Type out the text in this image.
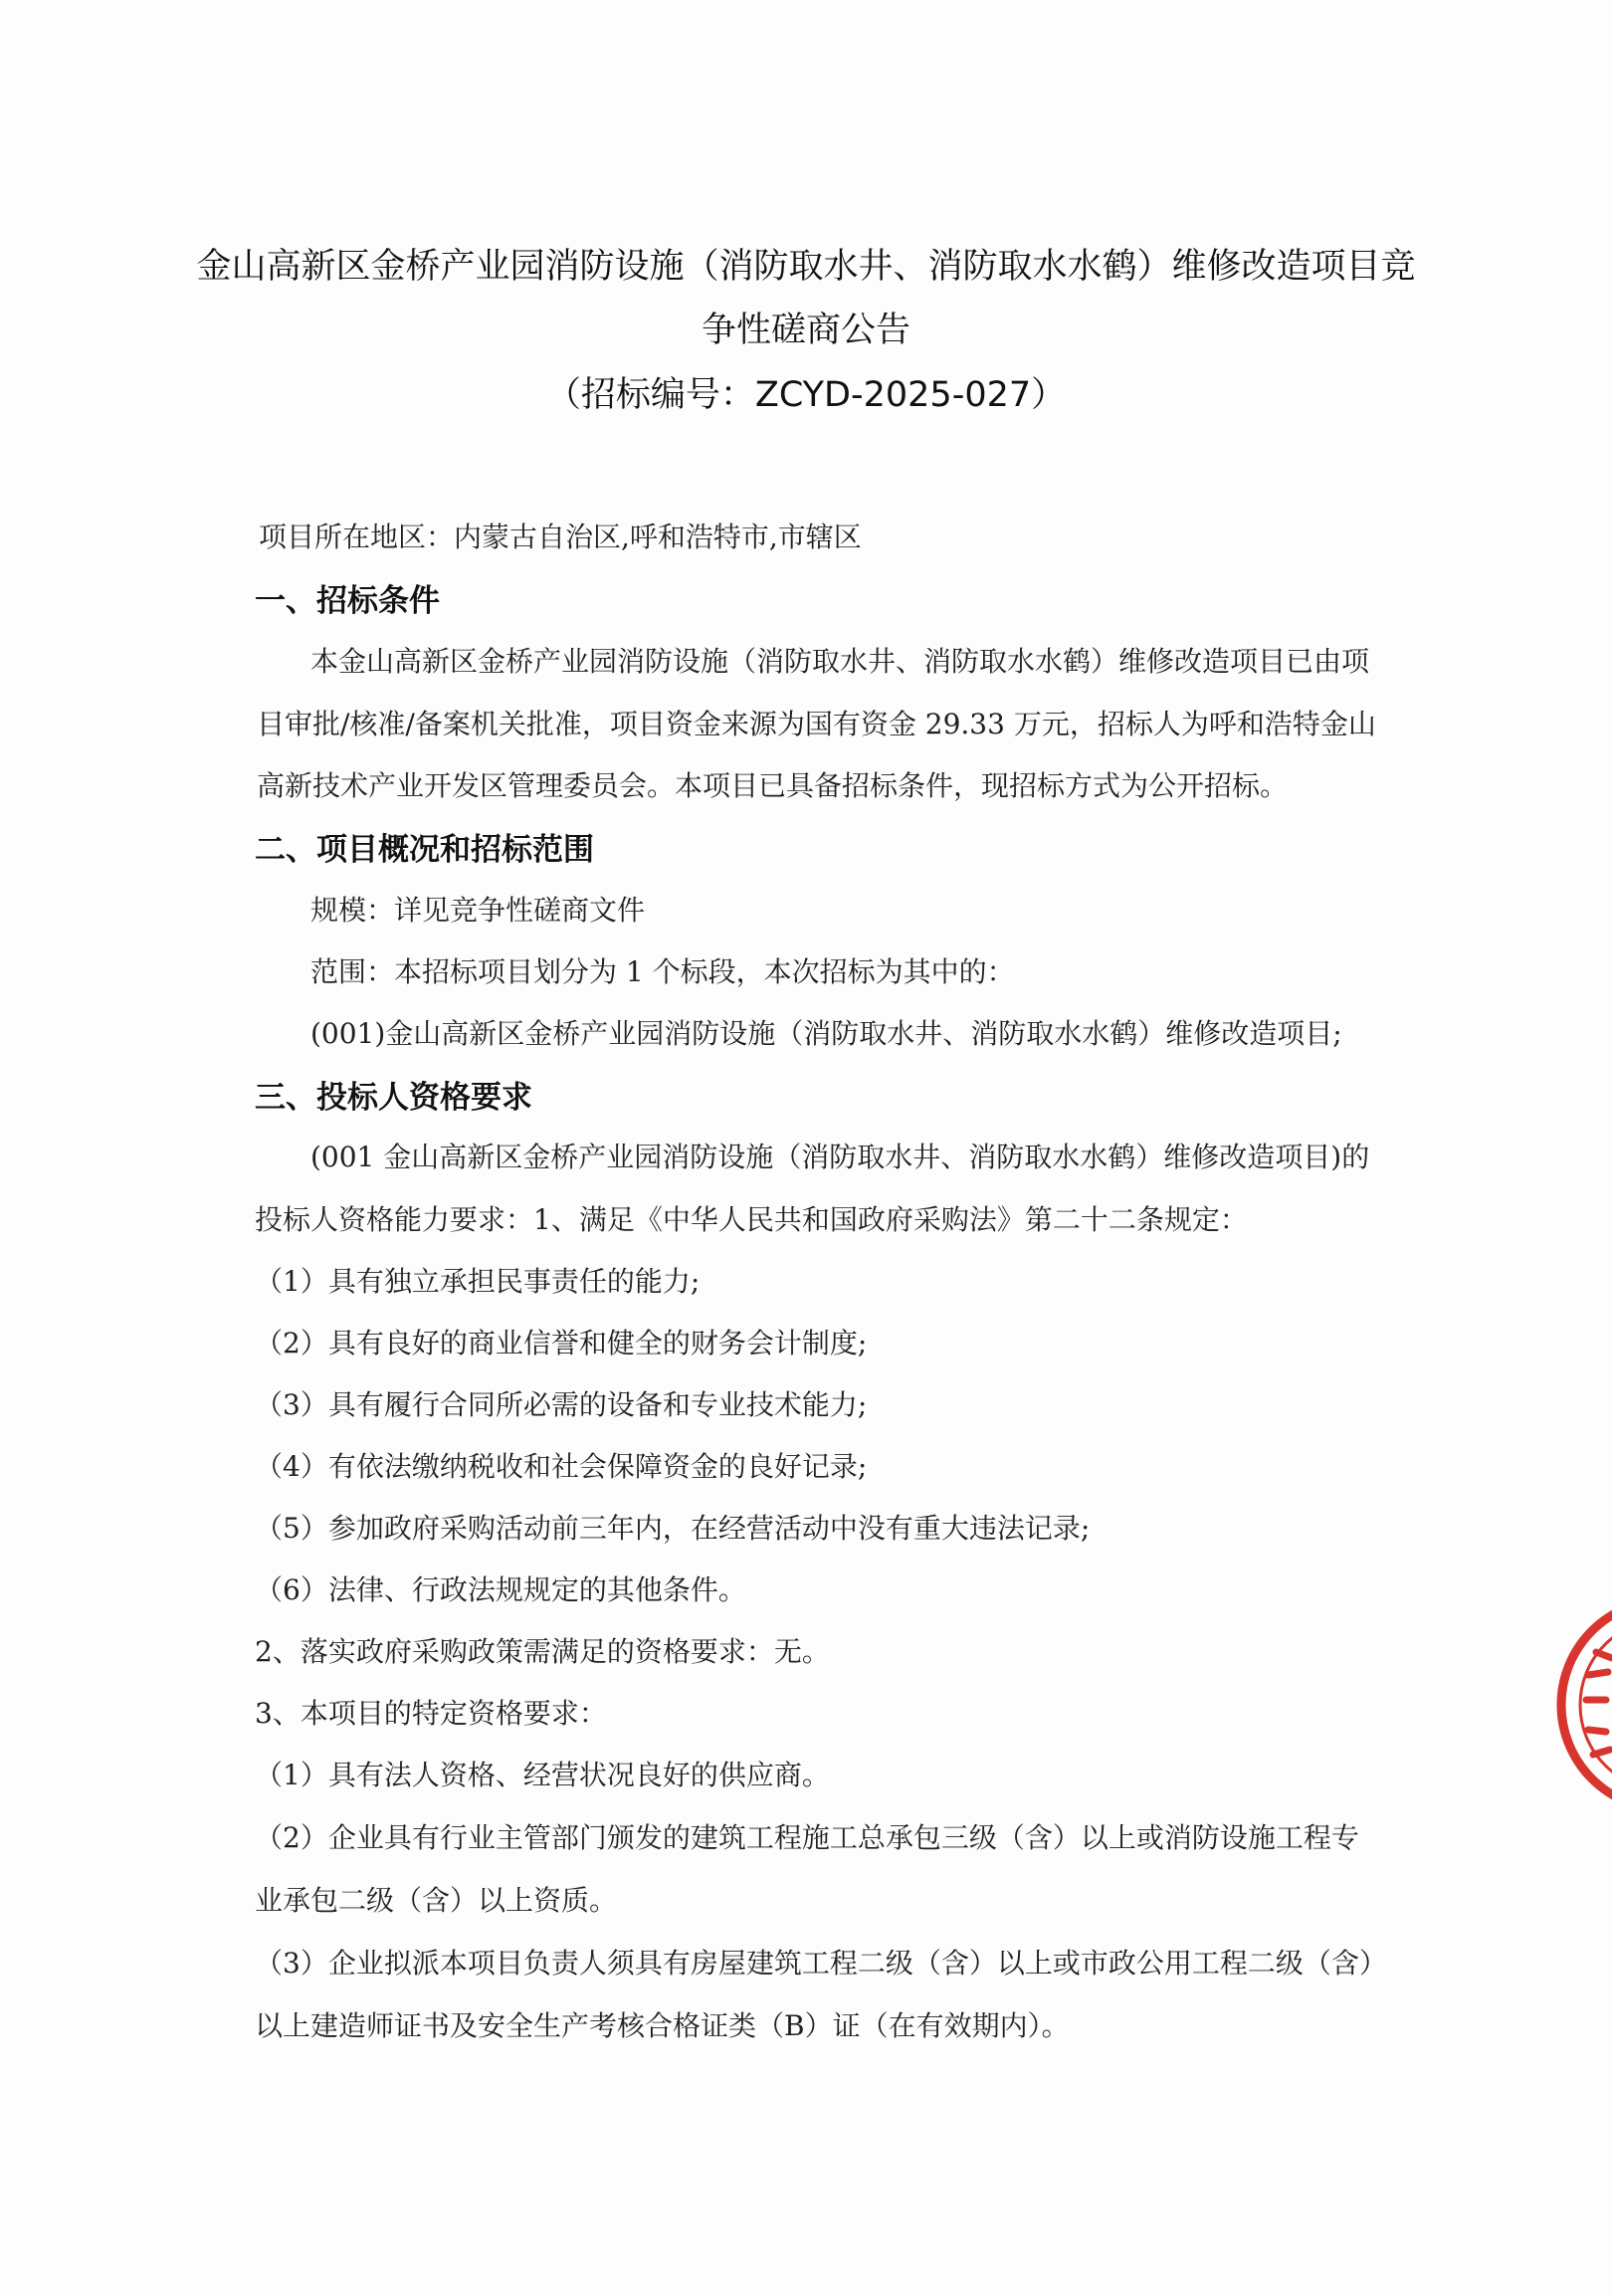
金山高新区金桥产业园消防设施（消防取水井、消防取水水鹤）维修改造项目竞
争性磋商公告
（招标编号：ZCYD-2025-027）
项目所在地区：内蒙古自治区,呼和浩特市,市辖区
一、招标条件
本金山高新区金桥产业园消防设施（消防取水井、消防取水水鹤）维修改造项目已由项
目审批/核准/备案机关批准，项目资金来源为国有资金 29.33 万元，招标人为呼和浩特金山
高新技术产业开发区管理委员会。本项目已具备招标条件，现招标方式为公开招标。
二、项目概况和招标范围
规模：详见竞争性磋商文件
范围：本招标项目划分为 1 个标段，本次招标为其中的：
(001)金山高新区金桥产业园消防设施（消防取水井、消防取水水鹤）维修改造项目;
三、投标人资格要求
(001 金山高新区金桥产业园消防设施（消防取水井、消防取水水鹤）维修改造项目)的
投标人资格能力要求：1、满足《中华人民共和国政府采购法》第二十二条规定：
（1）具有独立承担民事责任的能力;
（2）具有良好的商业信誉和健全的财务会计制度;
（3）具有履行合同所必需的设备和专业技术能力;
（4）有依法缴纳税收和社会保障资金的良好记录;
（5）参加政府采购活动前三年内，在经营活动中没有重大违法记录;
（6）法律、行政法规规定的其他条件。
2、落实政府采购政策需满足的资格要求：无。
3、本项目的特定资格要求：
（1）具有法人资格、经营状况良好的供应商。
（2）企业具有行业主管部门颁发的建筑工程施工总承包三级（含）以上或消防设施工程专
业承包二级（含）以上资质。
（3）企业拟派本项目负责人须具有房屋建筑工程二级（含）以上或市政公用工程二级（含）
以上建造师证书及安全生产考核合格证类（B）证（在有效期内）。
